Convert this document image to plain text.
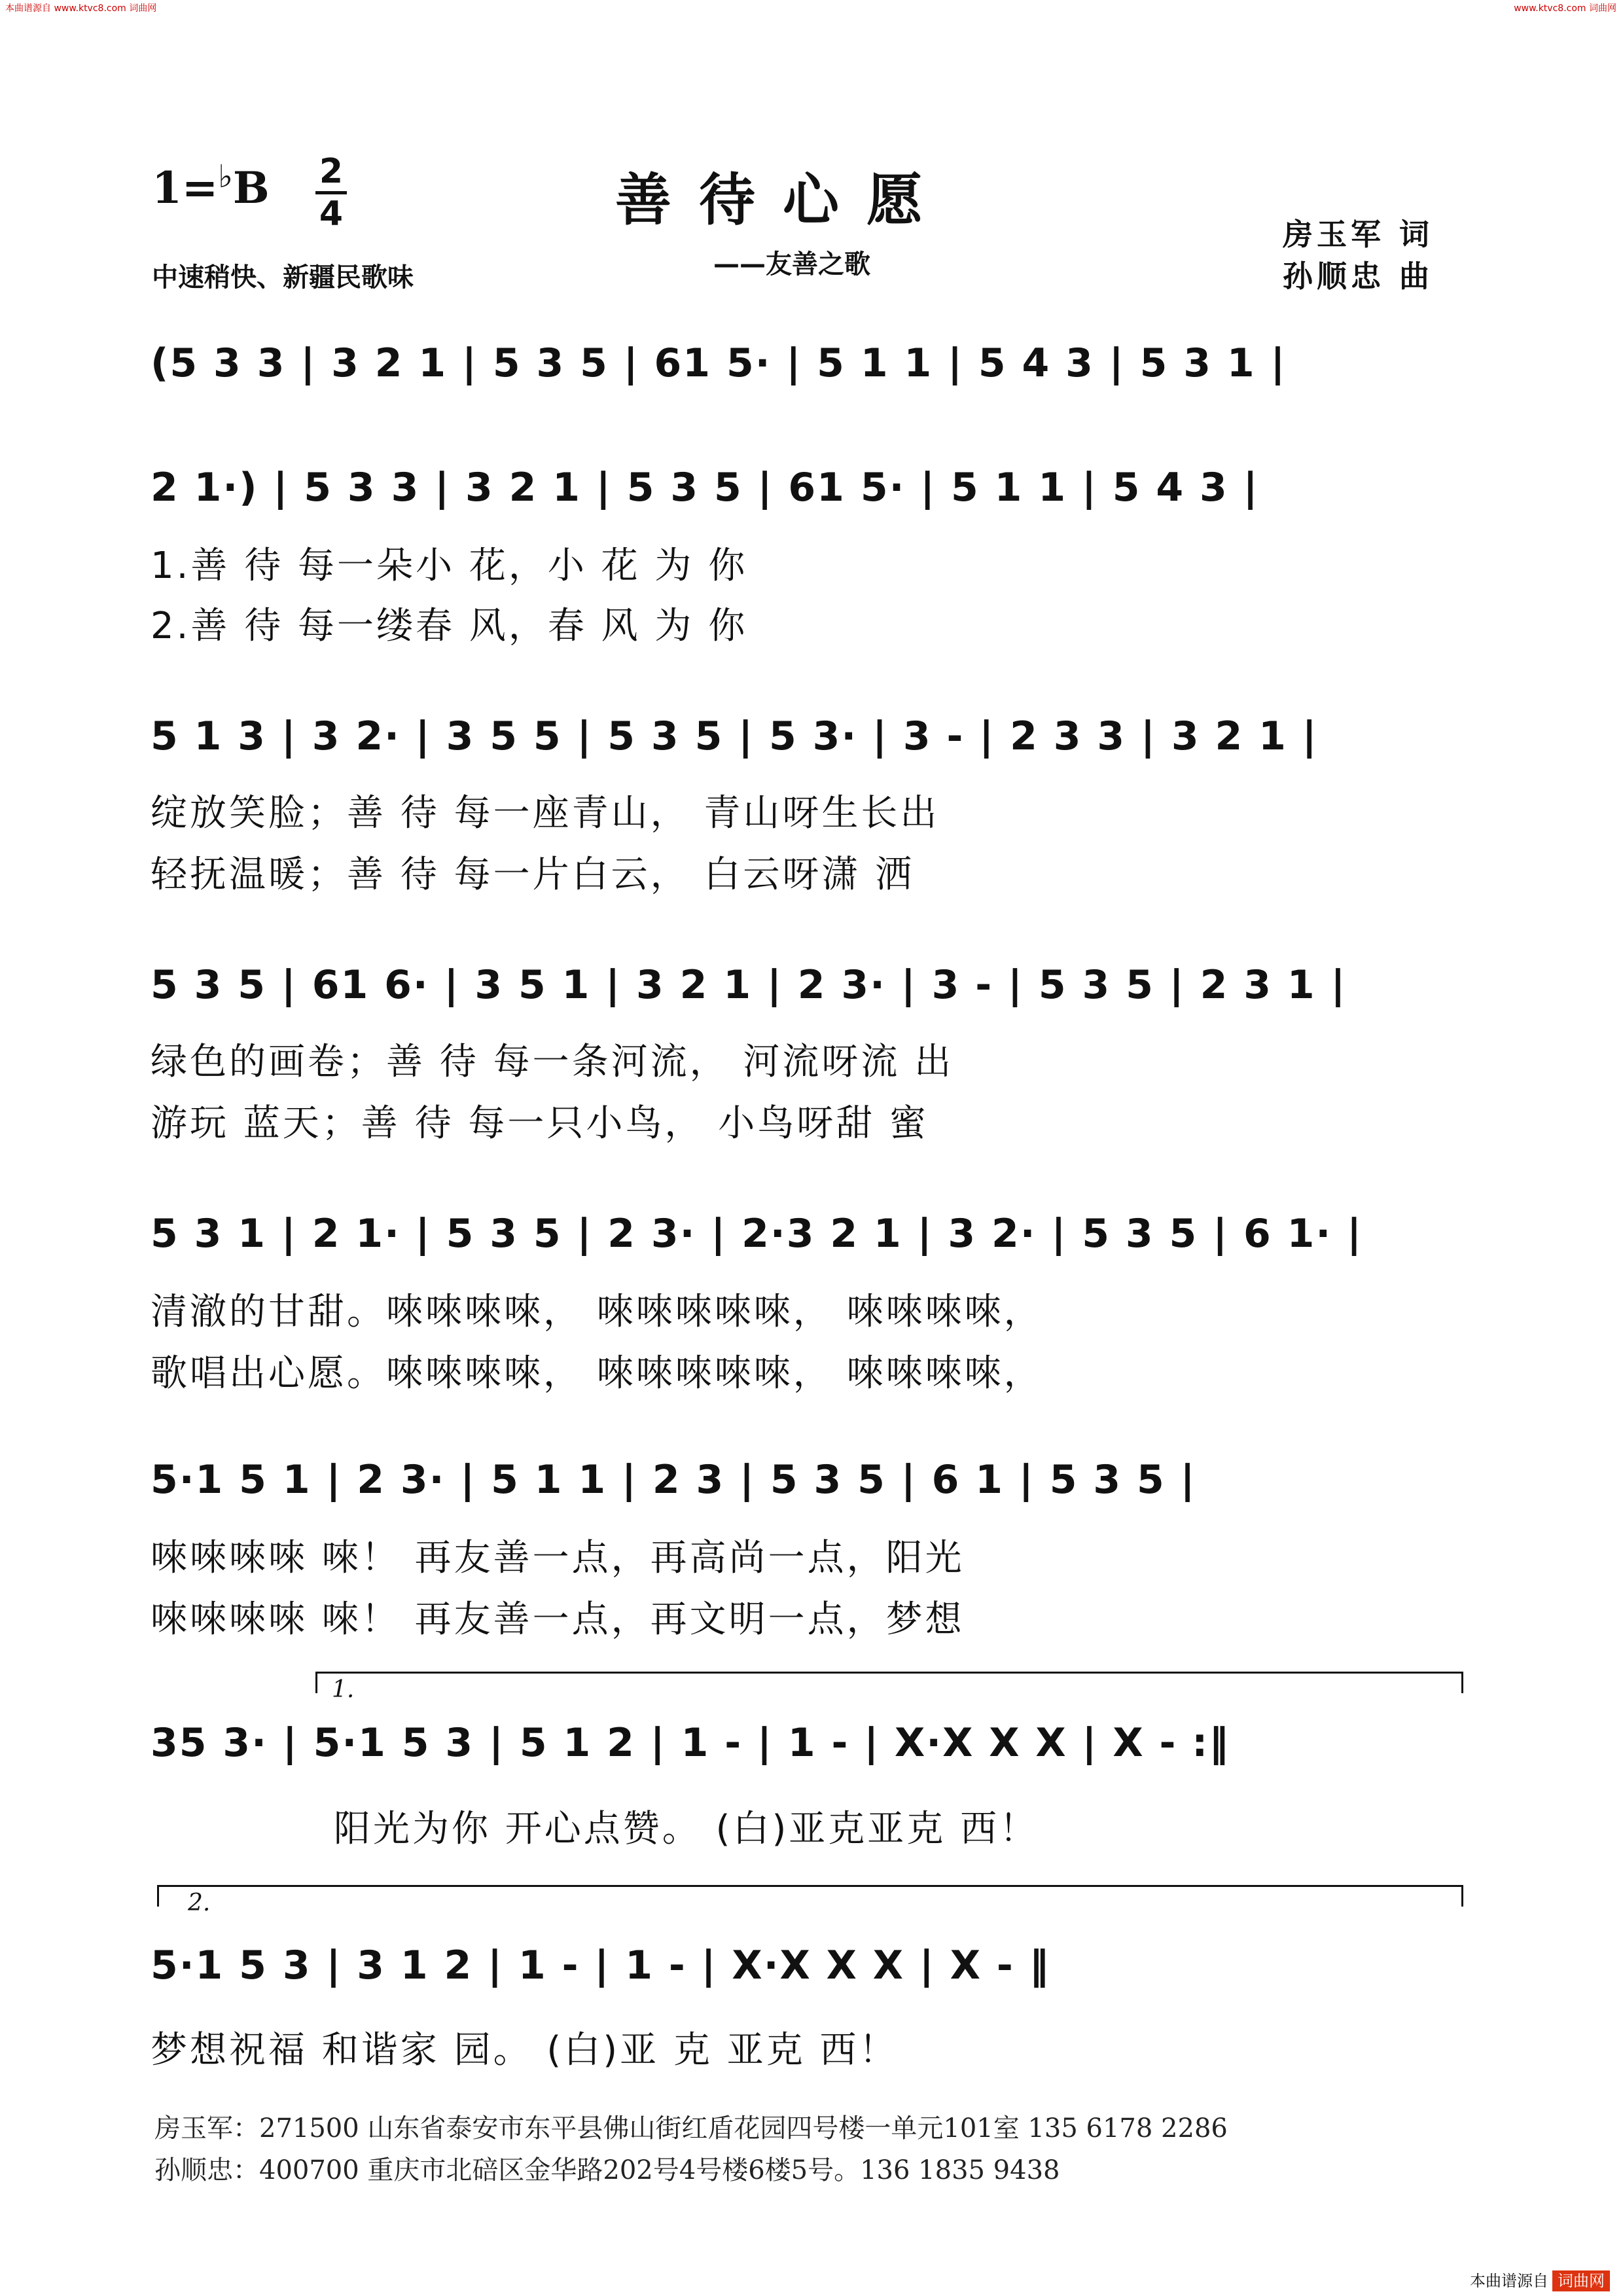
本曲谱源自 www.ktvc8.com 词曲网	www.ktvc8.com 词曲网
1=♭B 2
4	善待心愿
——友善之歌
中速稍快、新疆民歌味
房玉军 词
孙顺忠 曲
(5 3 3 | 3 2 1 | 5 3 5 | 61 5· | 5 1 1 | 5 4 3 | 5 3 1 |
2 1·) | 5 3 3 | 3 2 1 | 5 3 5 | 61 5· | 5 1 1 | 5 4 3 |
1.善 待 每一朵小 花，小 花 为 你
2.善 待 每一缕春 风，春 风 为 你
5 1 3 | 3 2· | 3 5 5 | 5 3 5 | 5 3· | 3 - | 2 3 3 | 3 2 1 |
绽放笑脸；善 待 每一座青山， 青山呀生长出
轻抚温暖；善 待 每一片白云， 白云呀潇 洒
5 3 5 | 61 6· | 3 5 1 | 3 2 1 | 2 3· | 3 - | 5 3 5 | 2 3 1 |
绿色的画卷；善 待 每一条河流， 河流呀流 出
游玩 蓝天；善 待 每一只小鸟， 小鸟呀甜 蜜
5 3 1 | 2 1· | 5 3 5 | 2 3· | 2·3 2 1 | 3 2· | 5 3 5 | 6 1· |
清澈的甘甜。唻唻唻唻， 唻唻唻唻唻， 唻唻唻唻，
歌唱出心愿。唻唻唻唻， 唻唻唻唻唻， 唻唻唻唻，
5·1 5 1 | 2 3· | 5 1 1 | 2 3 | 5 3 5 | 6 1 | 5 3 5 |
唻唻唻唻 唻！ 再友善一点，再高尚一点，阳光
唻唻唻唻 唻！ 再友善一点，再文明一点，梦想
1.
35 3· | 5·1 5 3 | 5 1 2 | 1 - | 1 - | X·X X X | X - :‖
阳光为你 开心点赞。 (白)亚克亚克 西！
2.
5·1 5 3 | 3 1 2 | 1 - | 1 - | X·X X X | X - ‖
梦想祝福 和谐家 园。 (白)亚 克 亚克 西！
房玉军：271500 山东省泰安市东平县佛山街红盾花园四号楼一单元101室 135 6178 2286
孙顺忠：400700 重庆市北碚区金华路202号4号楼6楼5号。136 1835 9438
本曲谱源自 词曲网
